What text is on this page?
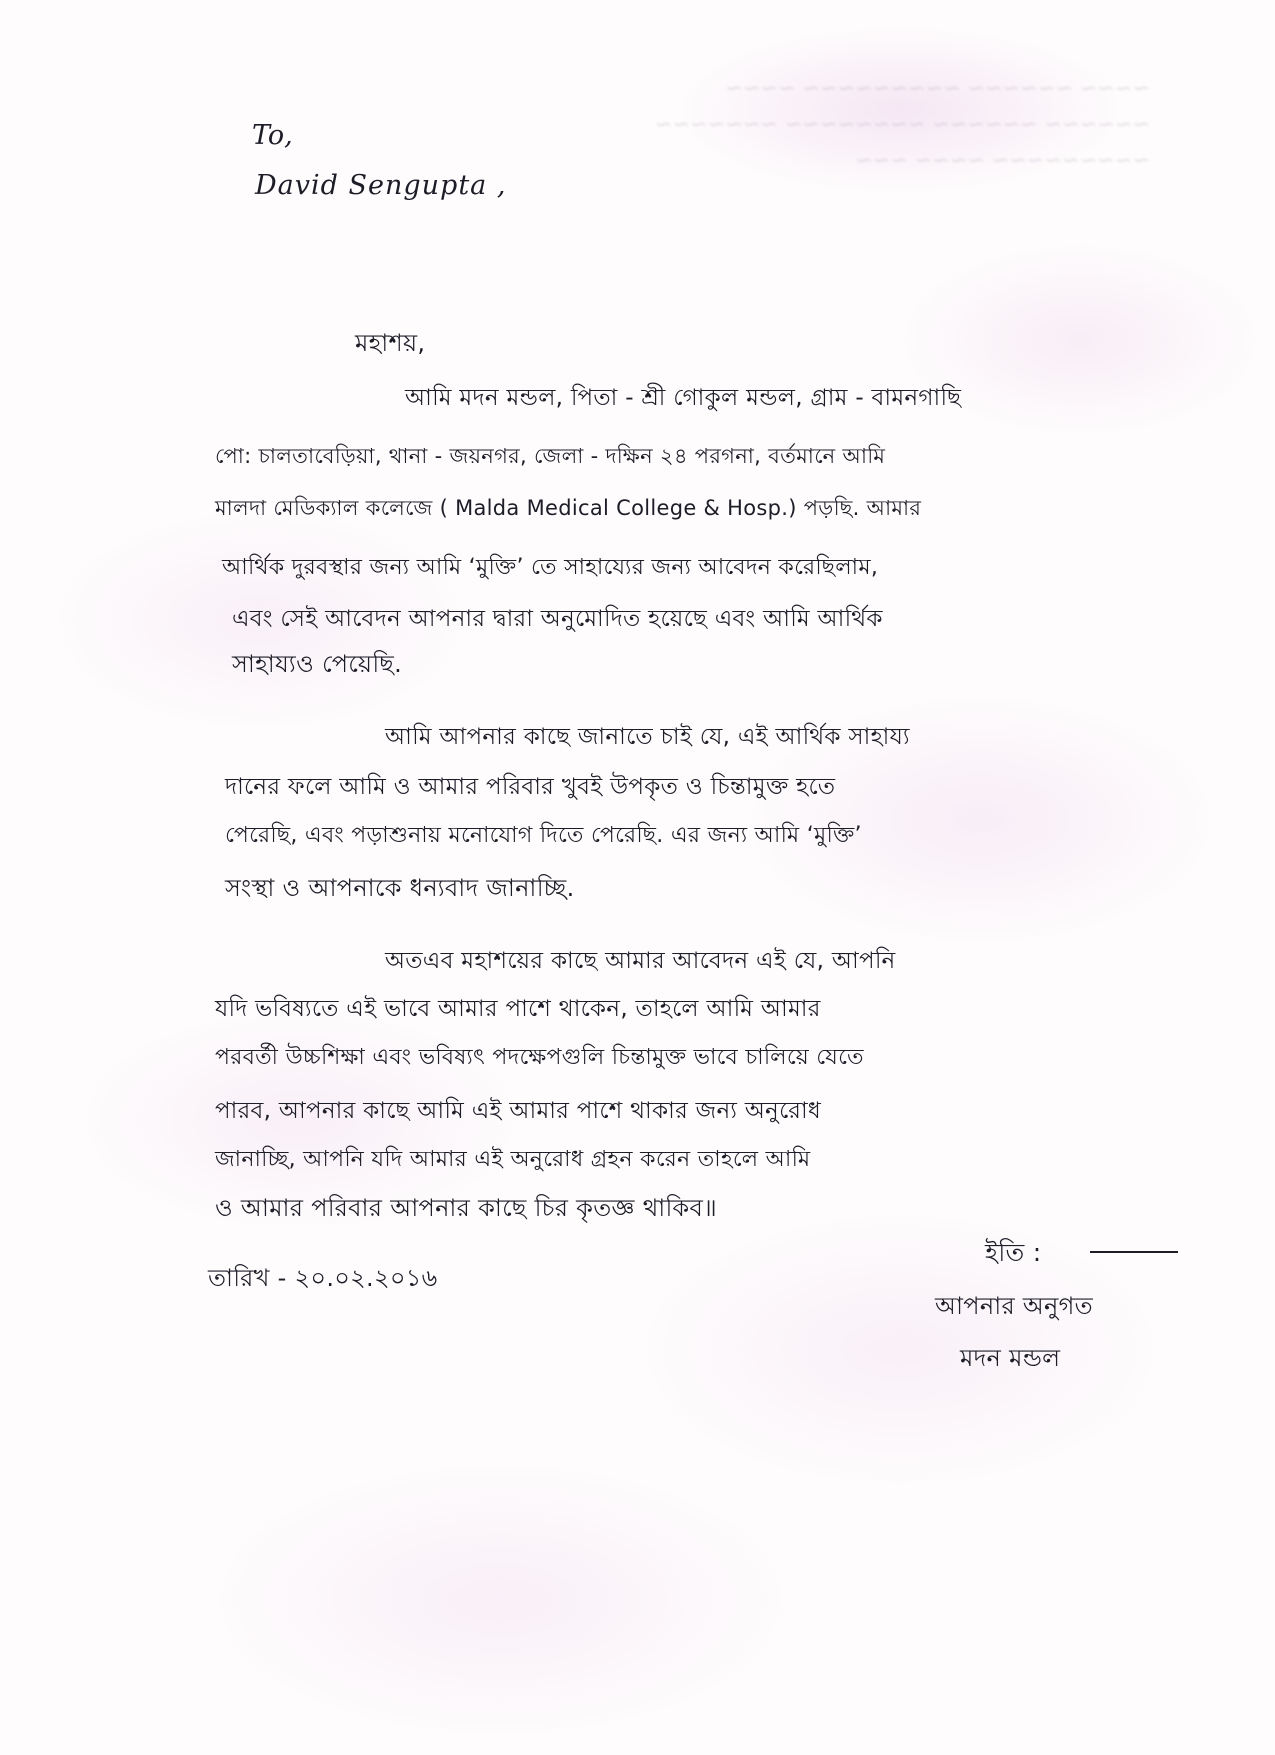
~~~~ ~~~~~~ ~~~~~~~~~ ~~~~
~~~~~~ ~~~~~~ ~~~~~~~~ ~~~~~~~
~~~~~~~~~ ~~~~ ~~~
To,
David Sengupta ,
মহাশয়,
আমি মদন মন্ডল, পিতা - শ্রী গোকুল মন্ডল, গ্রাম - বামনগাছি
পো: চালতাবেড়িয়া, থানা - জয়নগর, জেলা - দক্ষিন ২৪ পরগনা, বর্তমানে আমি
মালদা মেডিক্যাল কলেজে ( Malda Medical College & Hosp.) পড়ছি. আমার
আর্থিক দুরবস্থার জন্য আমি ‘মুক্তি’ তে সাহায্যের জন্য আবেদন করেছিলাম,
এবং সেই আবেদন আপনার দ্বারা অনুমোদিত হয়েছে এবং আমি আর্থিক
সাহায্যও পেয়েছি.
আমি আপনার কাছে জানাতে চাই যে, এই আর্থিক সাহায্য
দানের ফলে আমি ও আমার পরিবার খুবই উপকৃত ও চিন্তামুক্ত হতে
পেরেছি, এবং পড়াশুনায় মনোযোগ দিতে পেরেছি. এর জন্য আমি ‘মুক্তি’
সংস্থা ও আপনাকে ধন্যবাদ জানাচ্ছি.
অতএব মহাশয়ের কাছে আমার আবেদন এই যে, আপনি
যদি ভবিষ্যতে এই ভাবে আমার পাশে থাকেন, তাহলে আমি আমার
পরবর্তী উচ্চশিক্ষা এবং ভবিষ্যৎ পদক্ষেপগুলি চিন্তামুক্ত ভাবে চালিয়ে যেতে
পারব, আপনার কাছে আমি এই আমার পাশে থাকার জন্য অনুরোধ
জানাচ্ছি, আপনি যদি আমার এই অনুরোধ গ্রহন করেন তাহলে আমি
ও আমার পরিবার আপনার কাছে চির কৃতজ্ঞ থাকিব॥
তারিখ - ২০.০২.২০১৬
ইতি :
আপনার অনুগত
মদন মন্ডল
